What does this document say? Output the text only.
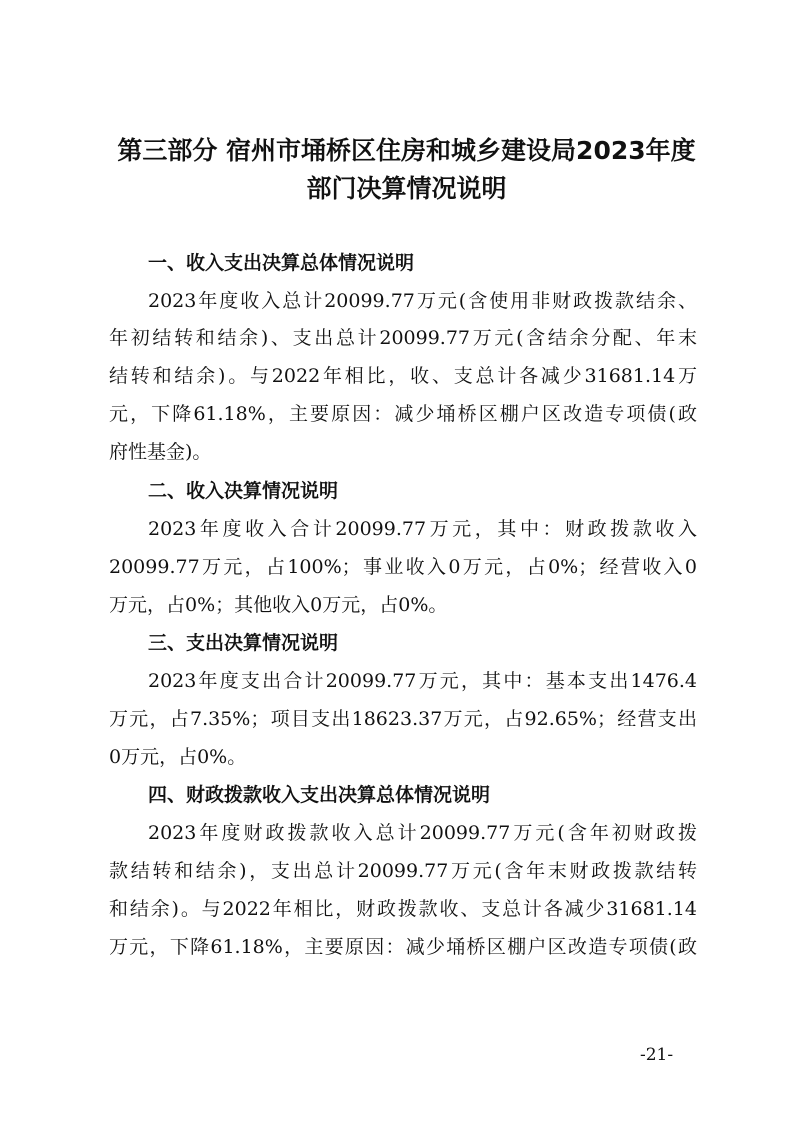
第三部分 宿州市埇桥区住房和城乡建设局2023年度
部门决算情况说明
一、收入支出决算总体情况说明
2023年度收入总计20099.77万元(含使用非财政拨款结余、
年初结转和结余)、支出总计20099.77万元(含结余分配、年末
结转和结余)。与2022年相比，收、支总计各减少31681.14万
元，下降61.18%，主要原因：减少埇桥区棚户区改造专项债(政
府性基金)。
二、收入决算情况说明
2023年度收入合计20099.77万元，其中：财政拨款收入
20099.77万元，占100%；事业收入0万元，占0%；经营收入0
万元，占0%；其他收入0万元，占0%。
三、支出决算情况说明
2023年度支出合计20099.77万元，其中：基本支出1476.4
万元，占7.35%；项目支出18623.37万元，占92.65%；经营支出
0万元，占0%。
四、财政拨款收入支出决算总体情况说明
2023年度财政拨款收入总计20099.77万元(含年初财政拨
款结转和结余)，支出总计20099.77万元(含年末财政拨款结转
和结余)。与2022年相比，财政拨款收、支总计各减少31681.14
万元，下降61.18%，主要原因：减少埇桥区棚户区改造专项债(政
-21-
